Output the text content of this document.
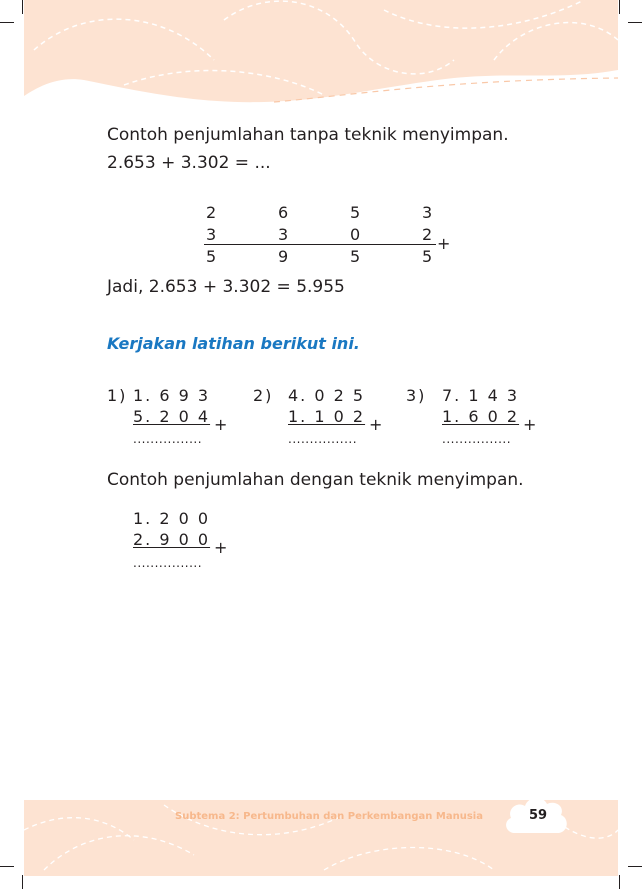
Contoh penjumlahan tanpa teknik menyimpan.
2.653 + 3.302 = ...
2	6	5	3
3	3	0	2 +
5	9	5	5
Jadi, 2.653 + 3.302 = 5.955
Kerjakan latihan berikut ini.
1) 1. 6 9 3
5. 2 0 4 +
................
2) 4. 0 2 5
1. 1 0 2 +
................
3) 7. 1 4 3
1. 6 0 2 +
................
Contoh penjumlahan dengan teknik menyimpan.
1. 2 0 0
2. 9 0 0 +
................
Subtema 2: Pertumbuhan dan Perkembangan Manusia	59
